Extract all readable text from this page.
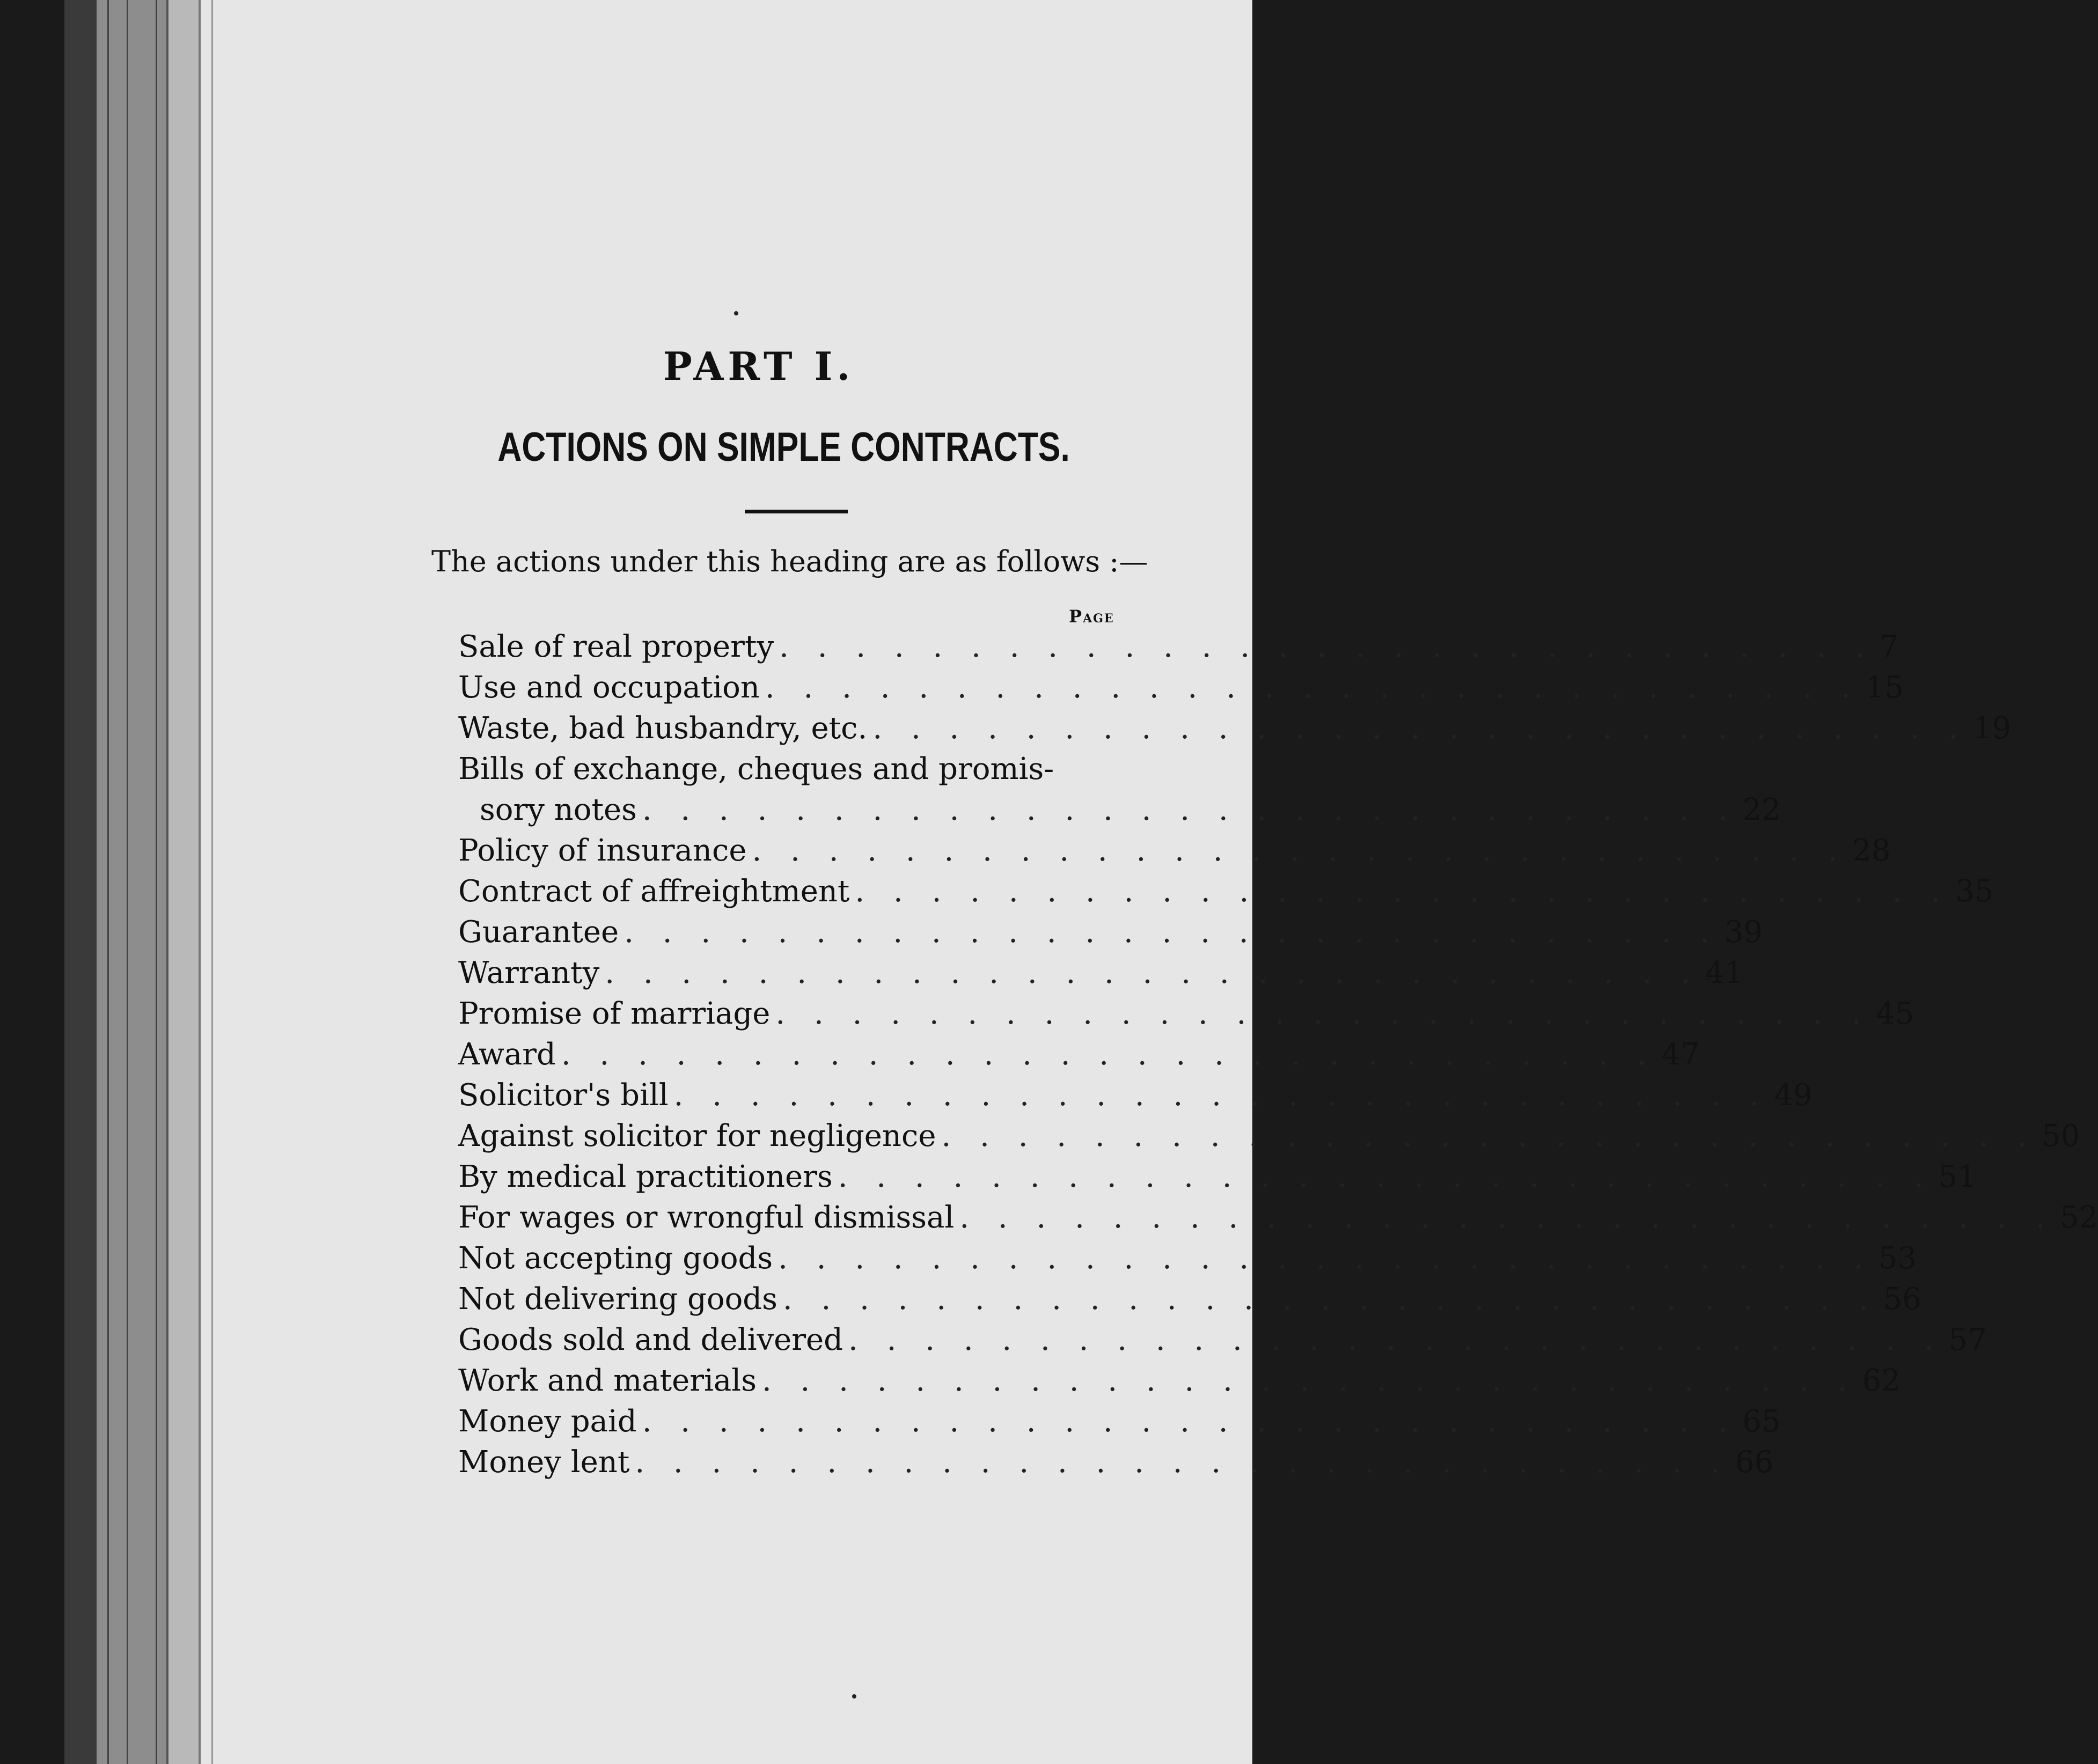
PART I.
ACTIONS ON SIMPLE CONTRACTS.
The actions under this heading are as follows :—
Page
Sale of real property . . . . . . . . . . . . . . . . . . . . . . . . . . . . . 7
Use and occupation . . . . . . . . . . . . . . . . . . . . . . . . . . . . . 15
Waste, bad husbandry, etc. . . . . . . . . . . . . . . . . . . . . . . . . . . . . . 19
Bills of exchange, cheques and promis-
sory notes . . . . . . . . . . . . . . . . . . . . . . . . . . . . . 22
Policy of insurance . . . . . . . . . . . . . . . . . . . . . . . . . . . . . 28
Contract of affreightment . . . . . . . . . . . . . . . . . . . . . . . . . . . . . 35
Guarantee . . . . . . . . . . . . . . . . . . . . . . . . . . . . . 39
Warranty . . . . . . . . . . . . . . . . . . . . . . . . . . . . . 41
Promise of marriage . . . . . . . . . . . . . . . . . . . . . . . . . . . . . 45
Award . . . . . . . . . . . . . . . . . . . . . . . . . . . . . 47
Solicitor's bill . . . . . . . . . . . . . . . . . . . . . . . . . . . . . 49
Against solicitor for negligence . . . . . . . . . . . . . . . . . . . . . . . . . . . . . 50
By medical practitioners . . . . . . . . . . . . . . . . . . . . . . . . . . . . . 51
For wages or wrongful dismissal . . . . . . . . . . . . . . . . . . . . . . . . . . . . . 52
Not accepting goods . . . . . . . . . . . . . . . . . . . . . . . . . . . . . 53
Not delivering goods . . . . . . . . . . . . . . . . . . . . . . . . . . . . . 56
Goods sold and delivered . . . . . . . . . . . . . . . . . . . . . . . . . . . . . 57
Work and materials . . . . . . . . . . . . . . . . . . . . . . . . . . . . . 62
Money paid . . . . . . . . . . . . . . . . . . . . . . . . . . . . . 65
Money lent . . . . . . . . . . . . . . . . . . . . . . . . . . . . . 66
